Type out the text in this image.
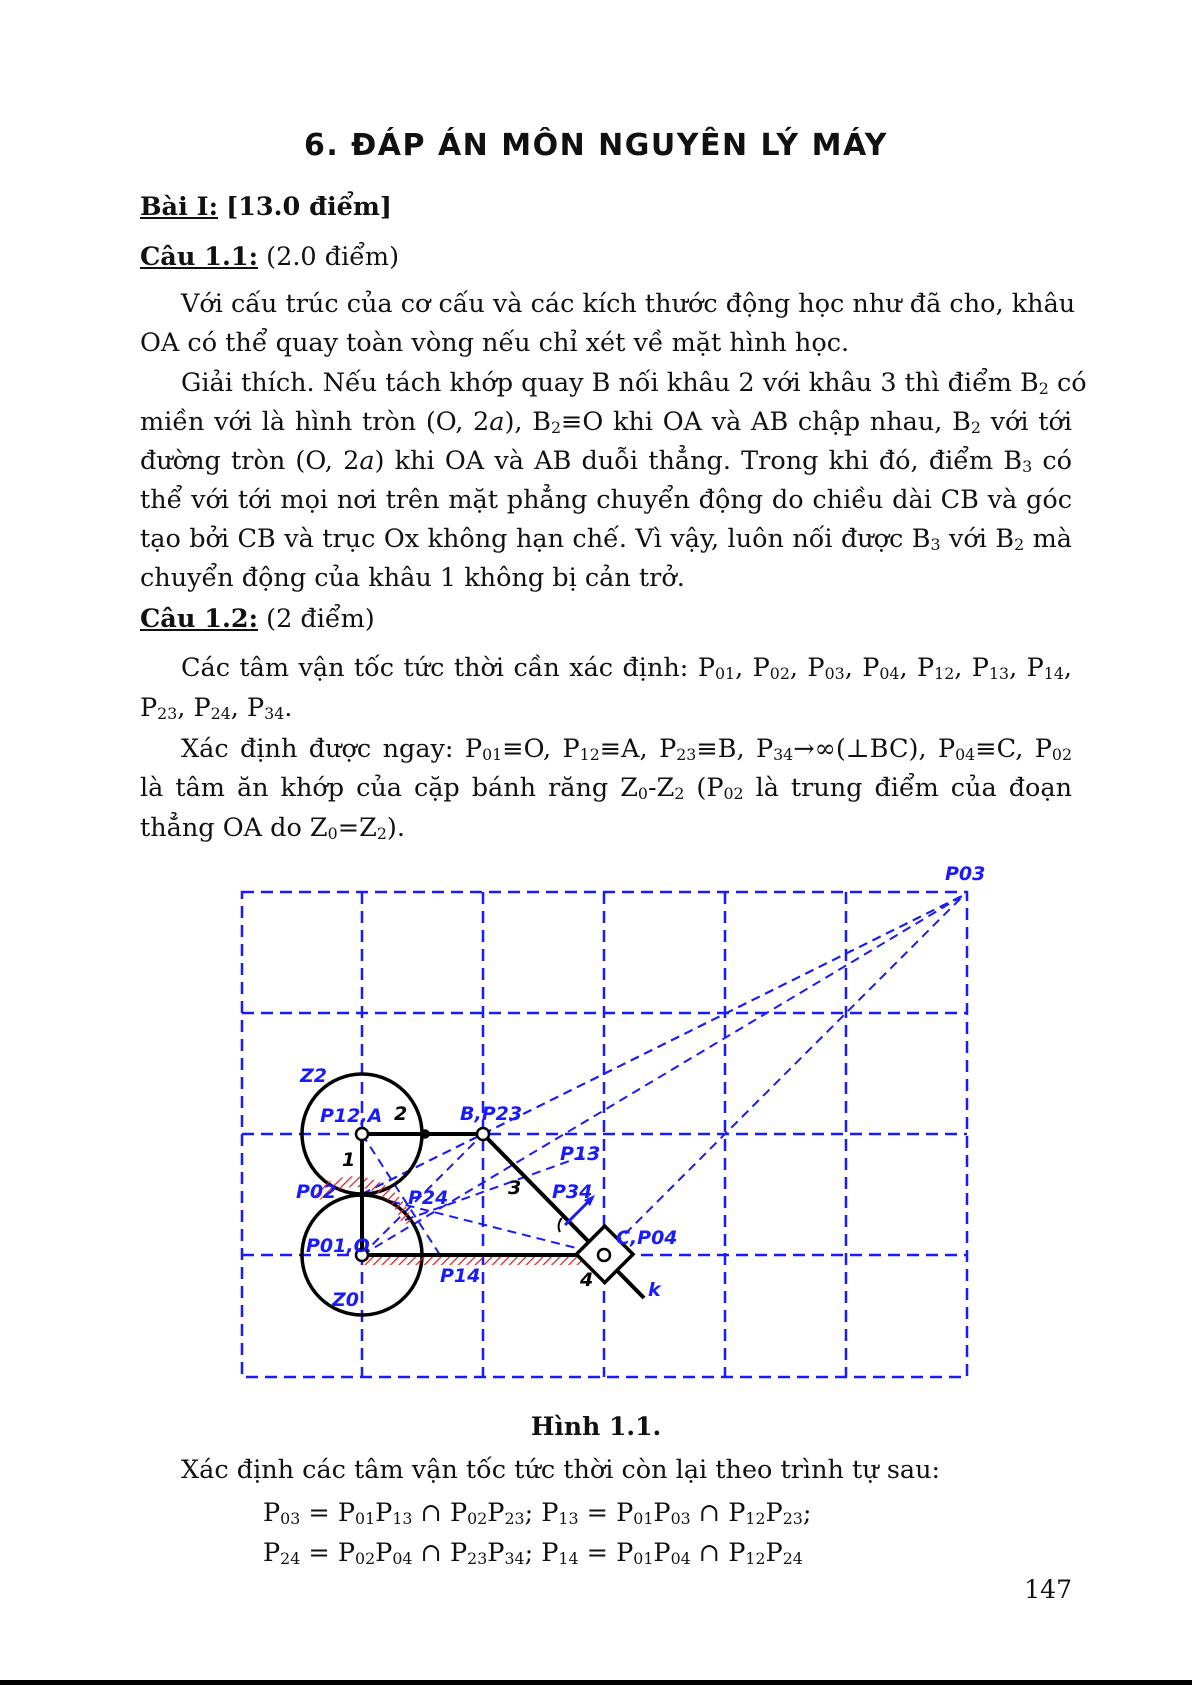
6. ĐÁP ÁN MÔN NGUYÊN LÝ MÁY
Bài I: [13.0 điểm]
Câu 1.1: (2.0 điểm)
Với cấu trúc của cơ cấu và các kích thước động học như đã cho, khâu
OA có thể quay toàn vòng nếu chỉ xét về mặt hình học.
Giải thích. Nếu tách khớp quay B nối khâu 2 với khâu 3 thì điểm $B_2$ có
miền với là hình tròn (O, 2a), $B_2\equiv O$ khi OA và AB chập nhau, $B_2$ với tới
đường tròn (O, 2a) khi OA và AB duỗi thẳng. Trong khi đó, điểm $B_3$ có
thể với tới mọi nơi trên mặt phẳng chuyển động do chiều dài CB và góc
tạo bởi CB và trục Ox không hạn chế. Vì vậy, luôn nối được $B_3$ với $B_2$ mà
chuyển động của khâu 1 không bị cản trở.
Câu 1.2: (2 điểm)
Các tâm vận tốc tức thời cần xác định: $P_{01}$, $P_{02}$, $P_{03}$, $P_{04}$, $P_{12}$, $P_{13}$, $P_{14}$,
$P_{23}$, $P_{24}$, $P_{34}$.
Xác định được ngay: $P_{01}\equiv O$, $P_{12}\equiv A$, $P_{23}\equiv B$, $P_{34}\to\infty(\perp BC)$, $P_{04}\equiv C$, $P_{02}$
là tâm ăn khớp của cặp bánh răng $Z_0-Z_2$ ($P_{02}$ là trung điểm của đoạn
thẳng OA do $Z_0=Z_2$).
P03
Z2
P12,A 2	B,P23
P13
1
P02	P24	3 P34
C,P04
P01,O
P14	4	k
Z0
Hình 1.1.
Xác định các tâm vận tốc tức thời còn lại theo trình tự sau:
$P_{03} = P_{01}P_{13}$ ∩ $P_{02}P_{23}$; $P_{13} = P_{01}P_{03}$ ∩ $P_{12}P_{23}$;
$P_{24} = P_{02}P_{04}$ ∩ $P_{23}P_{34}$; $P_{14} = P_{01}P_{04}$ ∩ $P_{12}P_{24}$
147
